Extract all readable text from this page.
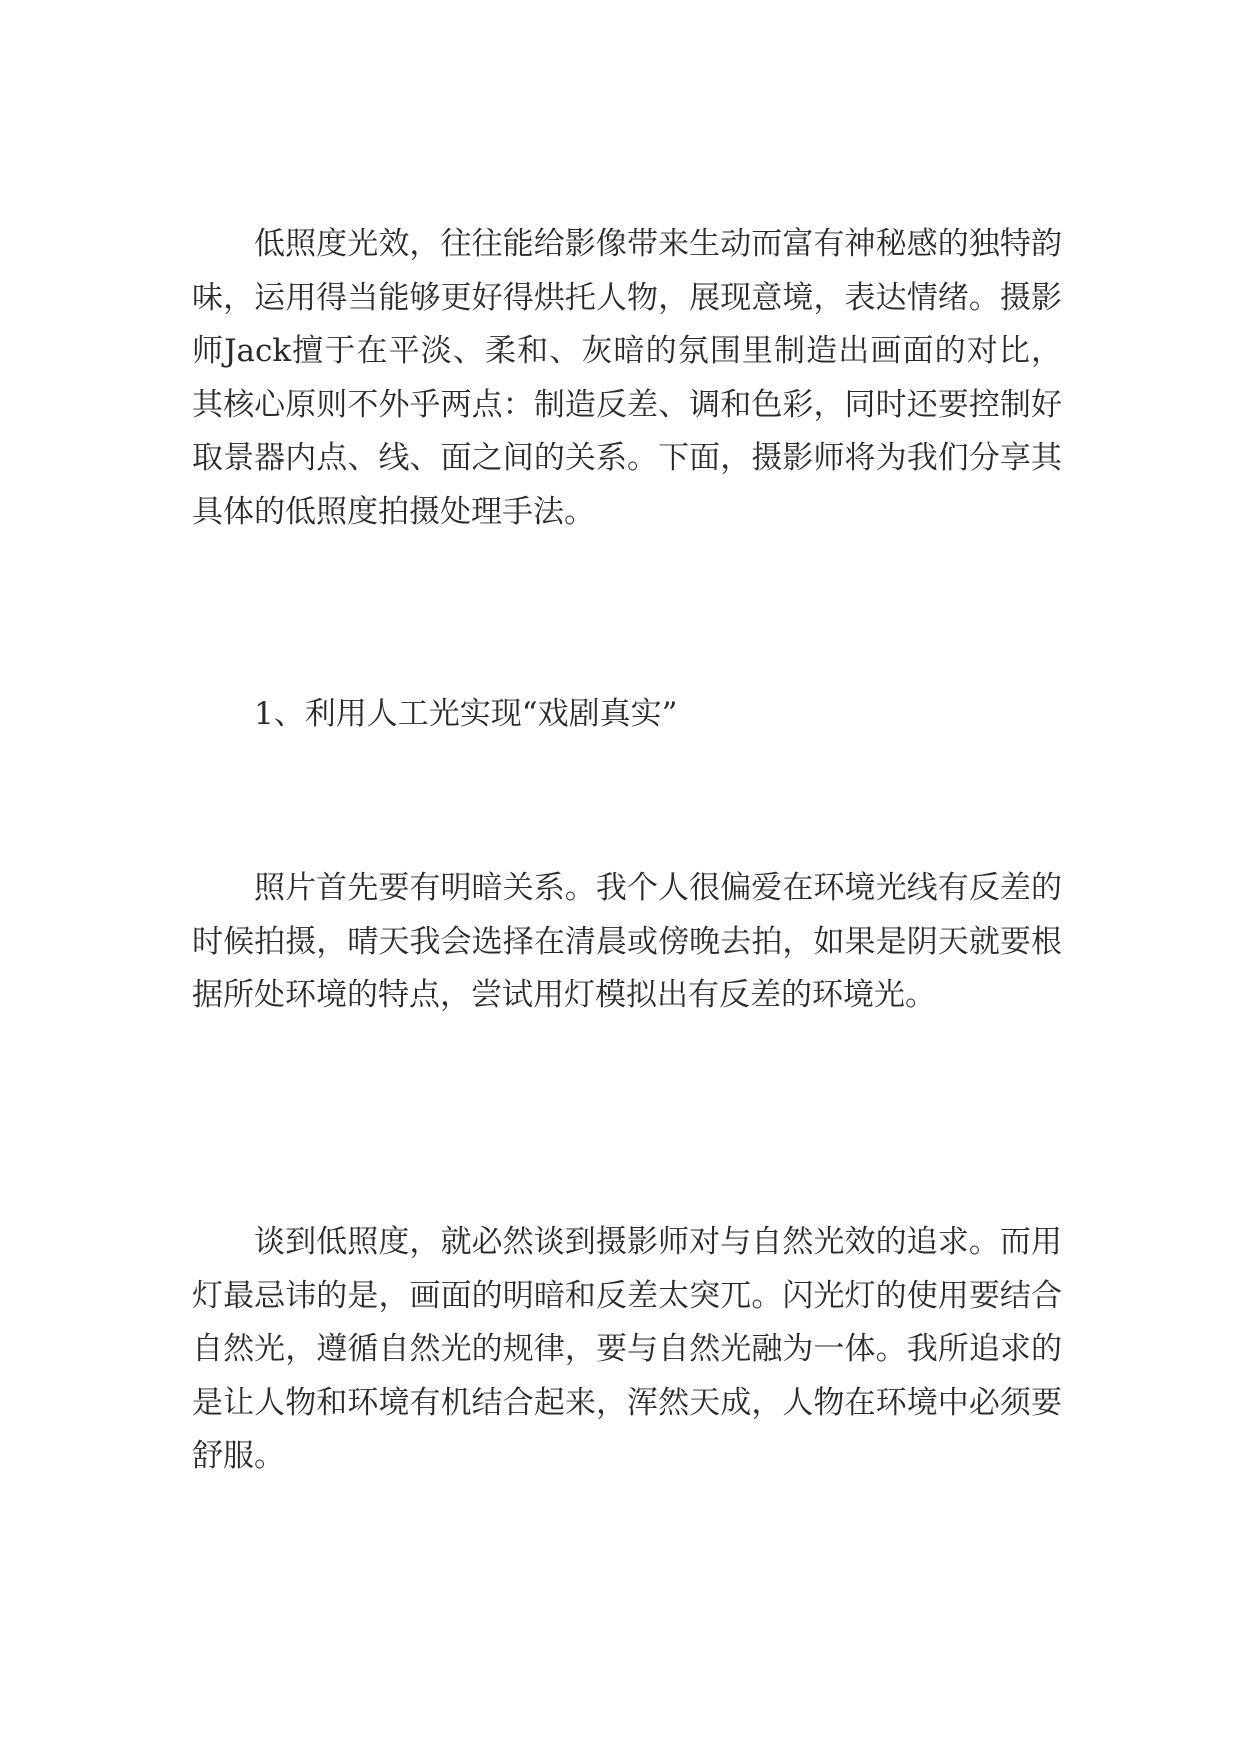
低照度光效，往往能给影像带来生动而富有神秘感的独特韵味，运用得当能够更好得烘托人物，展现意境，表达情绪。摄影师Jack擅于在平淡、柔和、灰暗的氛围里制造出画面的对比，其核心原则不外乎两点：制造反差、调和色彩，同时还要控制好取景器内点、线、面之间的关系。下面，摄影师将为我们分享其具体的低照度拍摄处理手法。

1、利用人工光实现“戏剧真实”

照片首先要有明暗关系。我个人很偏爱在环境光线有反差的时候拍摄，晴天我会选择在清晨或傍晚去拍，如果是阴天就要根据所处环境的特点，尝试用灯模拟出有反差的环境光。

谈到低照度，就必然谈到摄影师对与自然光效的追求。而用灯最忌讳的是，画面的明暗和反差太突兀。闪光灯的使用要结合自然光，遵循自然光的规律，要与自然光融为一体。我所追求的是让人物和环境有机结合起来，浑然天成，人物在环境中必须要舒服。
